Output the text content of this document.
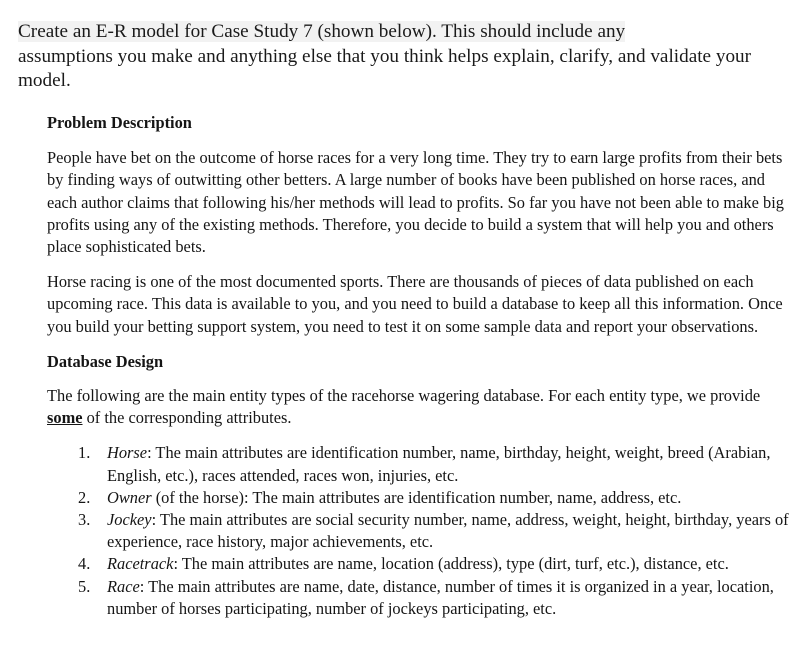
Create an E-R model for Case Study 7 (shown below). This should include any
assumptions you make and anything else that you think helps explain, clarify, and validate your
model.
Problem Description

People have bet on the outcome of horse races for a very long time. They try to earn large profits from their bets by finding ways of outwitting other betters. A large number of books have been published on horse races, and each author claims that following his/her methods will lead to profits. So far you have not been able to make big profits using any of the existing methods. Therefore, you decide to build a system that will help you and others place sophisticated bets.

Horse racing is one of the most documented sports. There are thousands of pieces of data published on each upcoming race. This data is available to you, and you need to build a database to keep all this information. Once you build your betting support system, you need to test it on some sample data and report your observations.

Database Design

The following are the main entity types of the racehorse wagering database. For each entity type, we provide some of the corresponding attributes.

1. Horse: The main attributes are identification number, name, birthday, height, weight, breed (Arabian, English, etc.), races attended, races won, injuries, etc.
2. Owner (of the horse): The main attributes are identification number, name, address, etc.
3. Jockey: The main attributes are social security number, name, address, weight, height, birthday, years of experience, race history, major achievements, etc.
4. Racetrack: The main attributes are name, location (address), type (dirt, turf, etc.), distance, etc.
5. Race: The main attributes are name, date, distance, number of times it is organized in a year, location, number of horses participating, number of jockeys participating, etc.
